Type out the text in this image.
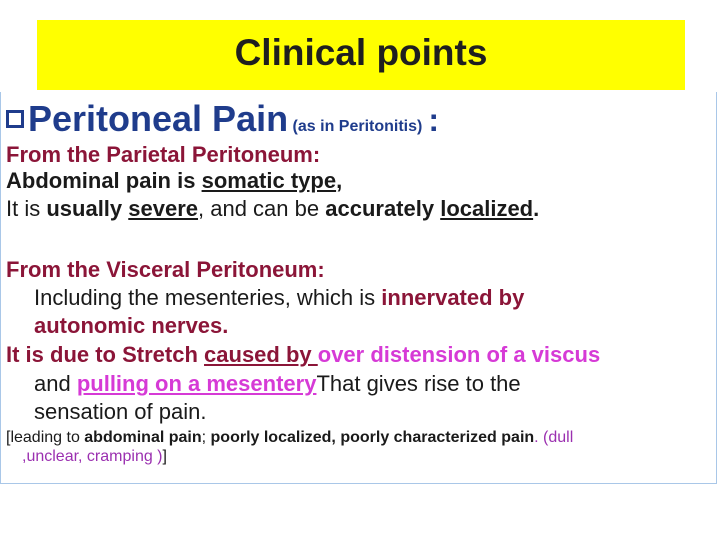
Clinical points
Peritoneal Pain (as in Peritonitis) :
From the Parietal Peritoneum:
Abdominal pain is somatic type,
It is usually severe, and can be accurately localized.
From the Visceral Peritoneum:
Including the mesenteries, which is innervated by
autonomic nerves.
It is due to Stretch caused by over distension of a viscus
and pulling on a mesenteryThat gives rise to the
sensation of pain.
[leading to abdominal pain; poorly localized, poorly characterized pain. (dull
,unclear, cramping )]
